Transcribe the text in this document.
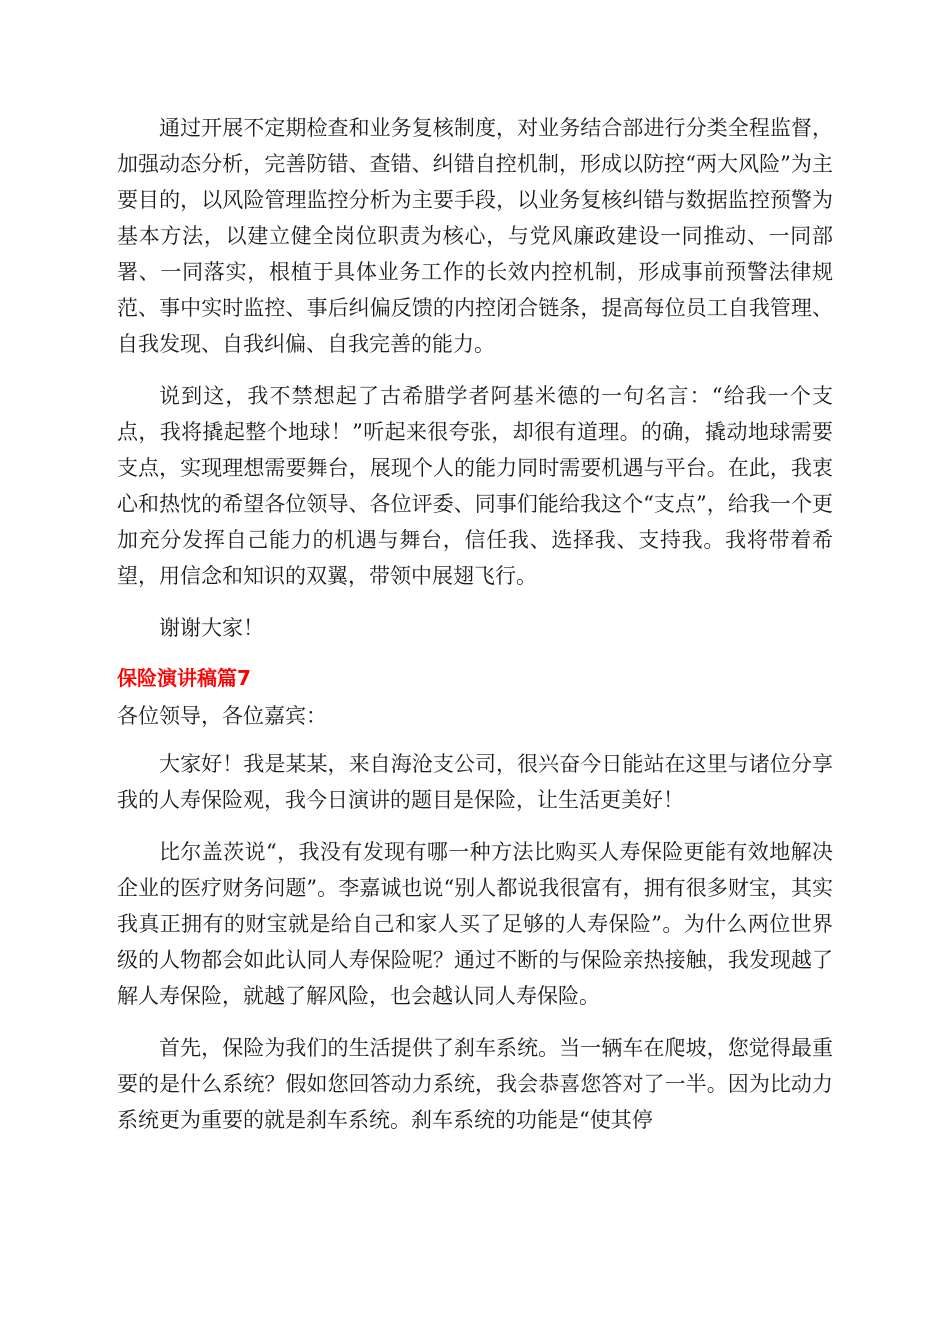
通过开展不定期检查和业务复核制度，对业务结合部进行分类全程监督，加强动态分析，完善防错、查错、纠错自控机制，形成以防控“两大风险”为主要目的，以风险管理监控分析为主要手段，以业务复核纠错与数据监控预警为基本方法，以建立健全岗位职责为核心，与党风廉政建设一同推动、一同部署、一同落实，根植于具体业务工作的长效内控机制，形成事前预警法律规范、事中实时监控、事后纠偏反馈的内控闭合链条，提高每位员工自我管理、自我发现、自我纠偏、自我完善的能力。

说到这，我不禁想起了古希腊学者阿基米德的一句名言：“给我一个支点，我将撬起整个地球！”听起来很夸张，却很有道理。的确，撬动地球需要支点，实现理想需要舞台，展现个人的能力同时需要机遇与平台。在此，我衷心和热忱的希望各位领导、各位评委、同事们能给我这个“支点”，给我一个更加充分发挥自己能力的机遇与舞台，信任我、选择我、支持我。我将带着希望，用信念和知识的双翼，带领中展翅飞行。

谢谢大家！

保险演讲稿篇7

各位领导，各位嘉宾：

大家好！我是某某，来自海沧支公司，很兴奋今日能站在这里与诸位分享我的人寿保险观，我今日演讲的题目是保险，让生活更美好！

比尔盖茨说“，我没有发现有哪一种方法比购买人寿保险更能有效地解决企业的医疗财务问题”。李嘉诚也说“别人都说我很富有，拥有很多财宝，其实我真正拥有的财宝就是给自己和家人买了足够的人寿保险”。为什么两位世界级的人物都会如此认同人寿保险呢？通过不断的与保险亲热接触，我发现越了解人寿保险，就越了解风险，也会越认同人寿保险。

首先，保险为我们的生活提供了刹车系统。当一辆车在爬坡，您觉得最重要的是什么系统？假如您回答动力系统，我会恭喜您答对了一半。因为比动力系统更为重要的就是刹车系统。刹车系统的功能是“使其停
